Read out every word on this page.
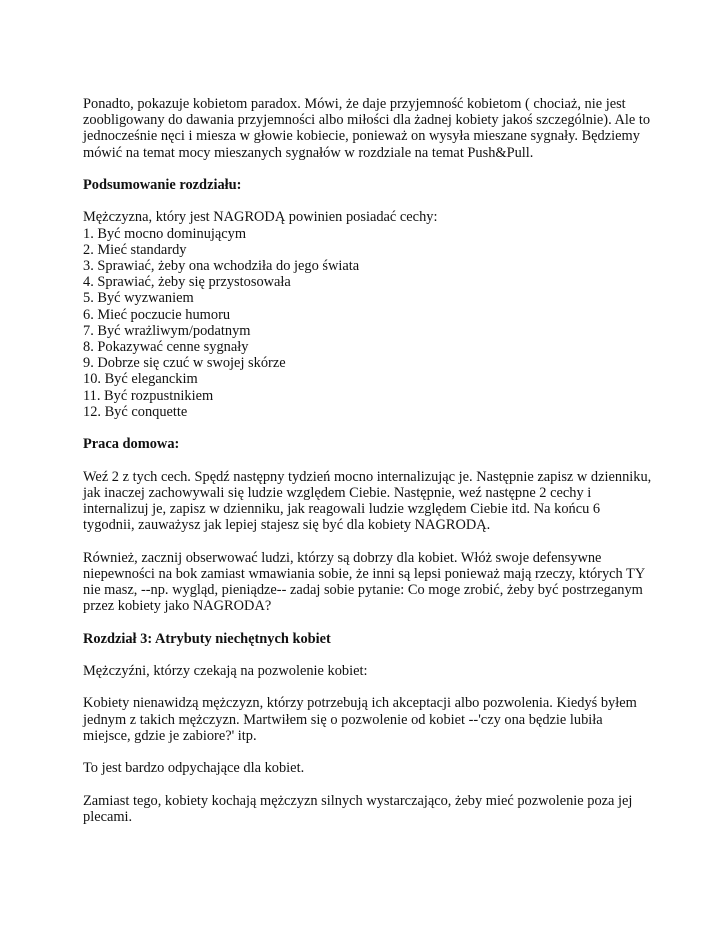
Ponadto, pokazuje kobietom paradox. Mówi, że daje przyjemność kobietom ( chociaż, nie jest zoobligowany do dawania przyjemności albo miłości dla żadnej kobiety jakoś szczególnie). Ale to jednocześnie nęci i miesza w głowie kobiecie, ponieważ on wysyła mieszane sygnały. Będziemy mówić na temat mocy mieszanych sygnałów w rozdziale na temat Push&Pull.

Podsumowanie rozdziału:

Mężczyzna, który jest NAGRODĄ powinien posiadać cechy:
1. Być mocno dominującym
2. Mieć standardy
3. Sprawiać, żeby ona wchodziła do jego świata
4. Sprawiać, żeby się przystosowała
5. Być wyzwaniem
6. Mieć poczucie humoru
7. Być wrażliwym/podatnym
8. Pokazywać cenne sygnały
9. Dobrze się czuć w swojej skórze
10. Być eleganckim
11. Być rozpustnikiem
12. Być conquette

Praca domowa:

Weź 2 z tych cech. Spędź następny tydzień mocno internalizując je. Następnie zapisz w dzienniku, jak inaczej zachowywali się ludzie względem Ciebie. Następnie, weź następne 2 cechy i internalizuj je, zapisz w dzienniku, jak reagowali ludzie względem Ciebie itd. Na końcu 6 tygodnii, zauważysz jak lepiej stajesz się być dla kobiety NAGRODĄ.

Również, zacznij obserwować ludzi, którzy są dobrzy dla kobiet. Włóż swoje defensywne niepewności na bok zamiast wmawiania sobie, że inni są lepsi ponieważ mają rzeczy, których TY nie masz, --np. wygląd, pieniądze-- zadaj sobie pytanie: Co moge zrobić, żeby być postrzeganym przez kobiety jako NAGRODA?

Rozdział 3: Atrybuty niechętnych kobiet

Mężczyźni, którzy czekają na pozwolenie kobiet:

Kobiety nienawidzą mężczyzn, którzy potrzebują ich akceptacji albo pozwolenia. Kiedyś byłem jednym z takich mężczyzn. Martwiłem się o pozwolenie od kobiet --'czy ona będzie lubiła miejsce, gdzie je zabiore?' itp.

To jest bardzo odpychające dla kobiet.

Zamiast tego, kobiety kochają mężczyzn silnych wystarczająco, żeby mieć pozwolenie poza jej plecami.
